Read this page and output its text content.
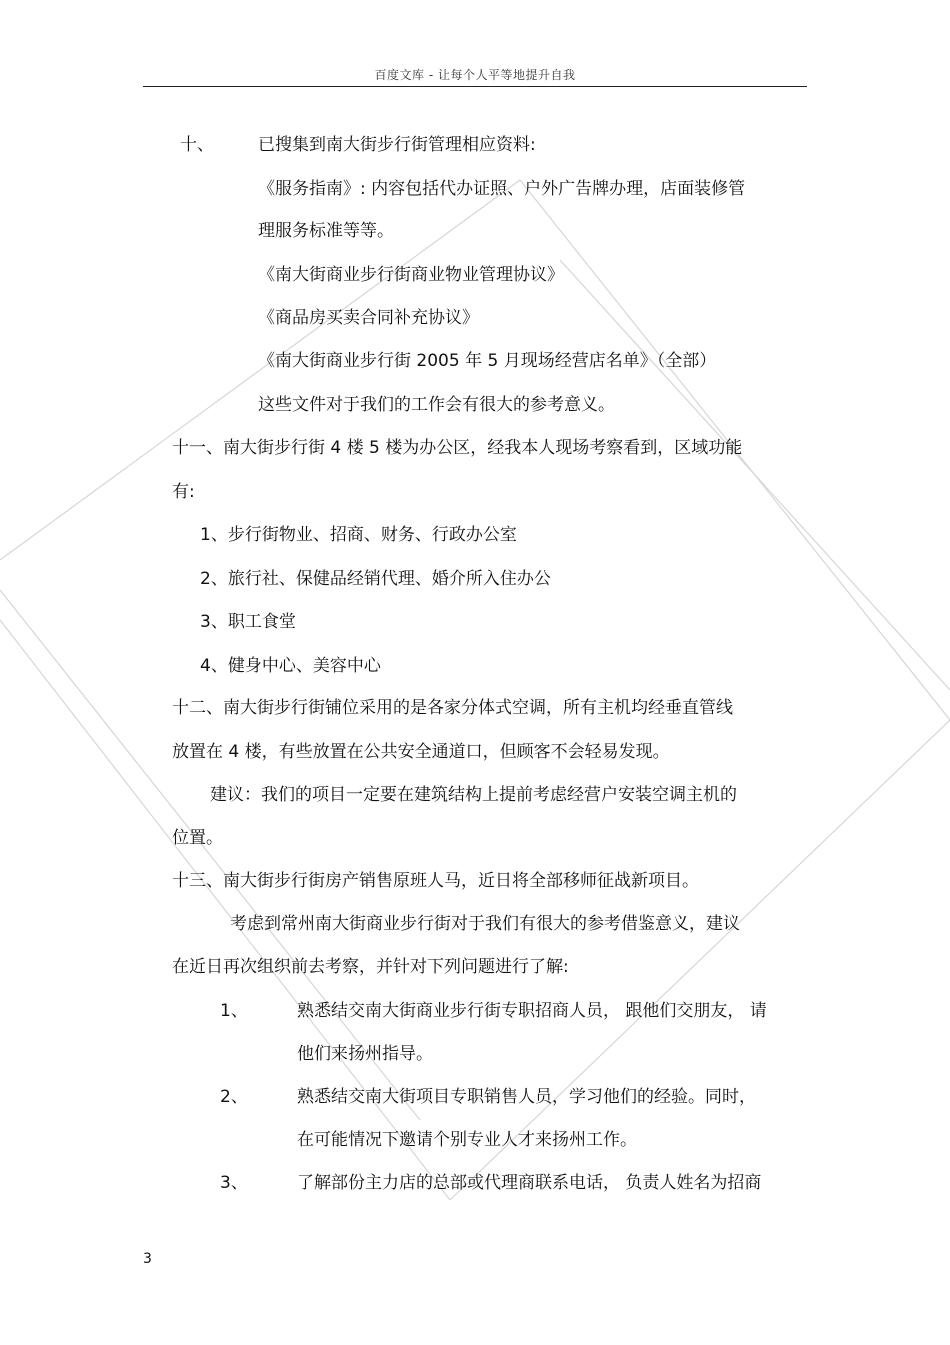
百度文库 - 让每个人平等地提升自我
十、	已搜集到南大街步行街管理相应资料:
《服务指南》: 内容包括代办证照、户外广告牌办理，店面装修管
理服务标准等等。
《南大街商业步行街商业物业管理协议》
《商品房买卖合同补充协议》
《南大街商业步行街 2005 年 5 月现场经营店名单》（全部）
这些文件对于我们的工作会有很大的参考意义。
十一、南大街步行街 4 楼 5 楼为办公区，经我本人现场考察看到，区域功能
有:
1、步行街物业、招商、财务、行政办公室
2、旅行社、保健品经销代理、婚介所入住办公
3、职工食堂
4、健身中心、美容中心
十二、南大街步行街铺位采用的是各家分体式空调，所有主机均经垂直管线
放置在 4 楼，有些放置在公共安全通道口，但顾客不会轻易发现。
建议：我们的项目一定要在建筑结构上提前考虑经营户安装空调主机的
位置。
十三、南大街步行街房产销售原班人马，近日将全部移师征战新项目。
考虑到常州南大街商业步行街对于我们有很大的参考借鉴意义，建议
在近日再次组织前去考察，并针对下列问题进行了解:
1、	熟悉结交南大街商业步行街专职招商人员， 跟他们交朋友， 请
他们来扬州指导。
2、	熟悉结交南大街项目专职销售人员，学习他们的经验。同时，
在可能情况下邀请个别专业人才来扬州工作。
3、	了解部份主力店的总部或代理商联系电话， 负责人姓名为招商
3
